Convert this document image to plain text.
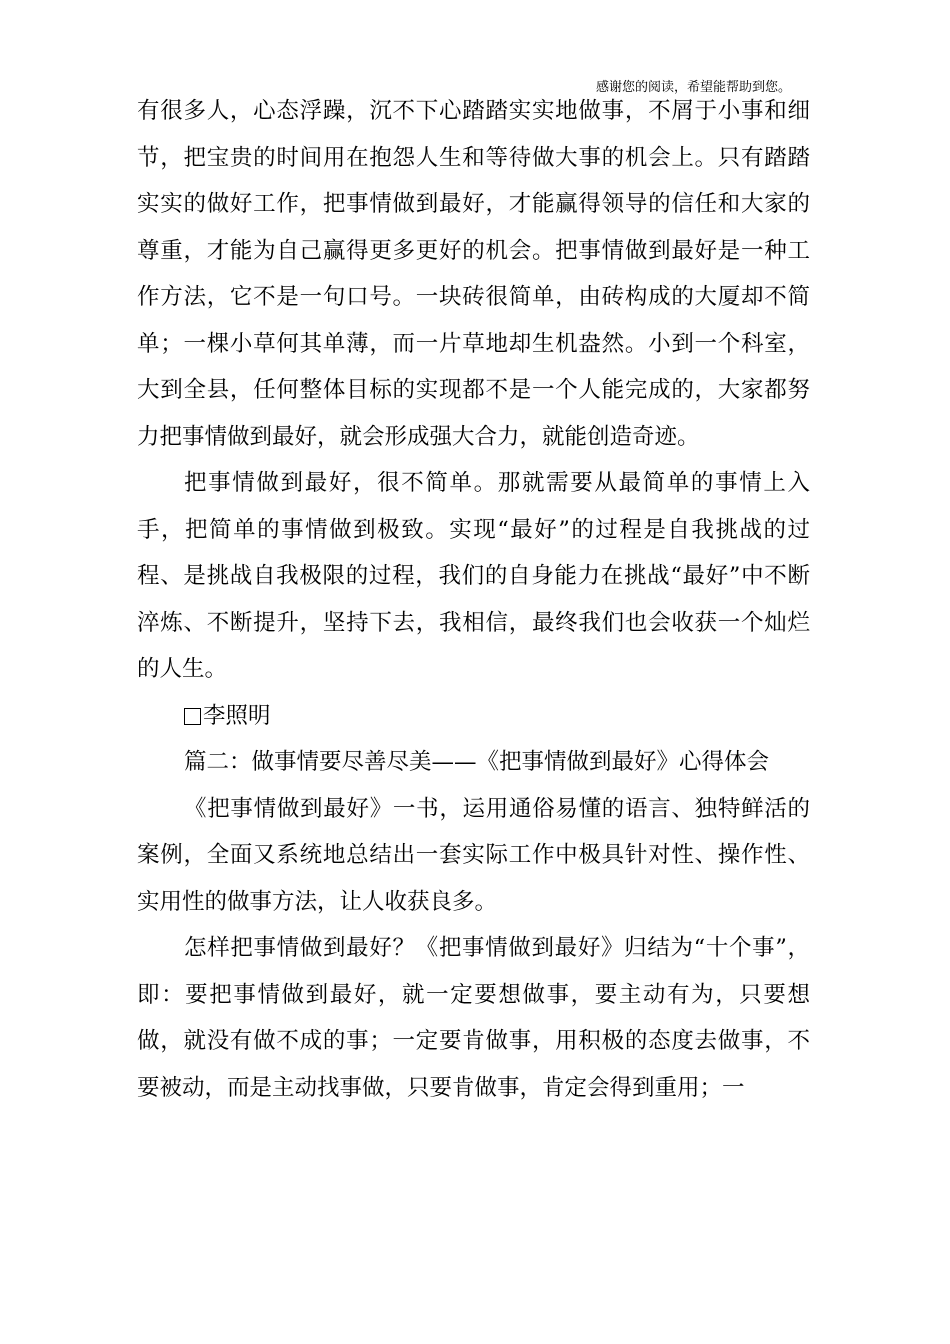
感谢您的阅读，希望能帮助到您。

有很多人，心态浮躁，沉不下心踏踏实实地做事，不屑于小事和细节，把宝贵的时间用在抱怨人生和等待做大事的机会上。只有踏踏实实的做好工作，把事情做到最好，才能赢得领导的信任和大家的尊重，才能为自己赢得更多更好的机会。把事情做到最好是一种工作方法，它不是一句口号。一块砖很简单，由砖构成的大厦却不简单；一棵小草何其单薄，而一片草地却生机盎然。小到一个科室，大到全县，任何整体目标的实现都不是一个人能完成的，大家都努力把事情做到最好，就会形成强大合力，就能创造奇迹。

把事情做到最好，很不简单。那就需要从最简单的事情上入手，把简单的事情做到极致。实现“最好”的过程是自我挑战的过程、是挑战自我极限的过程，我们的自身能力在挑战“最好”中不断淬炼、不断提升，坚持下去，我相信，最终我们也会收获一个灿烂的人生。

李照明

篇二：做事情要尽善尽美——《把事情做到最好》心得体会

《把事情做到最好》一书，运用通俗易懂的语言、独特鲜活的案例，全面又系统地总结出一套实际工作中极具针对性、操作性、实用性的做事方法，让人收获良多。

怎样把事情做到最好？《把事情做到最好》归结为“十个事”，即：要把事情做到最好，就一定要想做事，要主动有为，只要想做，就没有做不成的事；一定要肯做事，用积极的态度去做事，不要被动，而是主动找事做，只要肯做事，肯定会得到重用；一
